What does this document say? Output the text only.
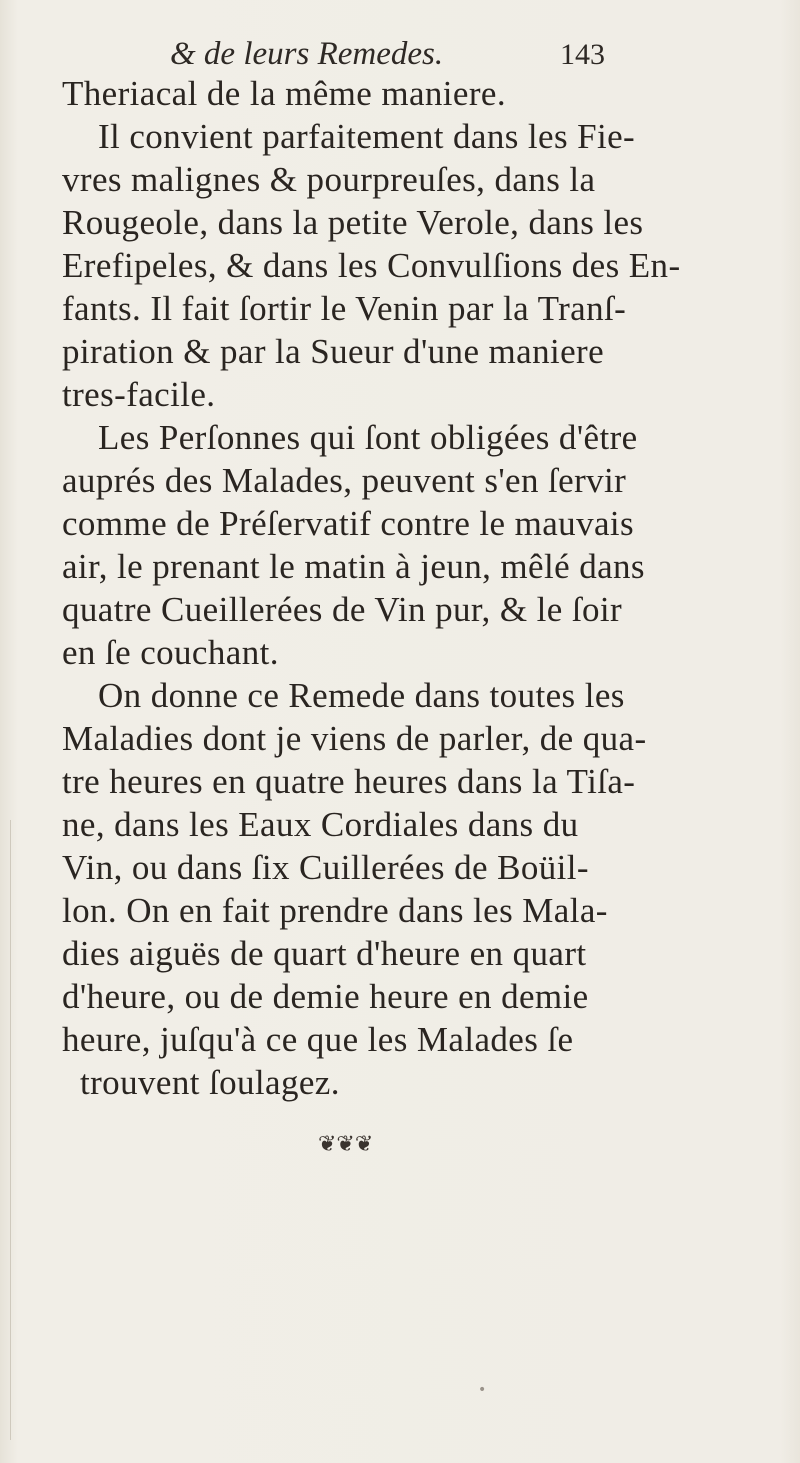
& de leurs Remedes.	143
Theriacal de la même maniere.
Il convient parfaitement dans les Fie-
vres malignes & pourpreuſes, dans la
Rougeole, dans la petite Verole, dans les
Erefipeles, & dans les Convulſions des En-
fants. Il fait ſortir le Venin par la Tranſ-
piration & par la Sueur d'une maniere
tres-facile.
Les Perſonnes qui ſont obligées d'être
auprés des Malades, peuvent s'en ſervir
comme de Préſervatif contre le mauvais
air, le prenant le matin à jeun, mêlé dans
quatre Cueillerées de Vin pur, & le ſoir
en ſe couchant.
On donne ce Remede dans toutes les
Maladies dont je viens de parler, de qua-
tre heures en quatre heures dans la Tiſa-
ne, dans les Eaux Cordiales dans du
Vin, ou dans ſix Cuillerées de Boüil-
lon. On en fait prendre dans les Mala-
dies aiguës de quart d'heure en quart
d'heure, ou de demie heure en demie
heure, juſqu'à ce que les Malades ſe
trouvent ſoulagez.
❦❦❦
•
